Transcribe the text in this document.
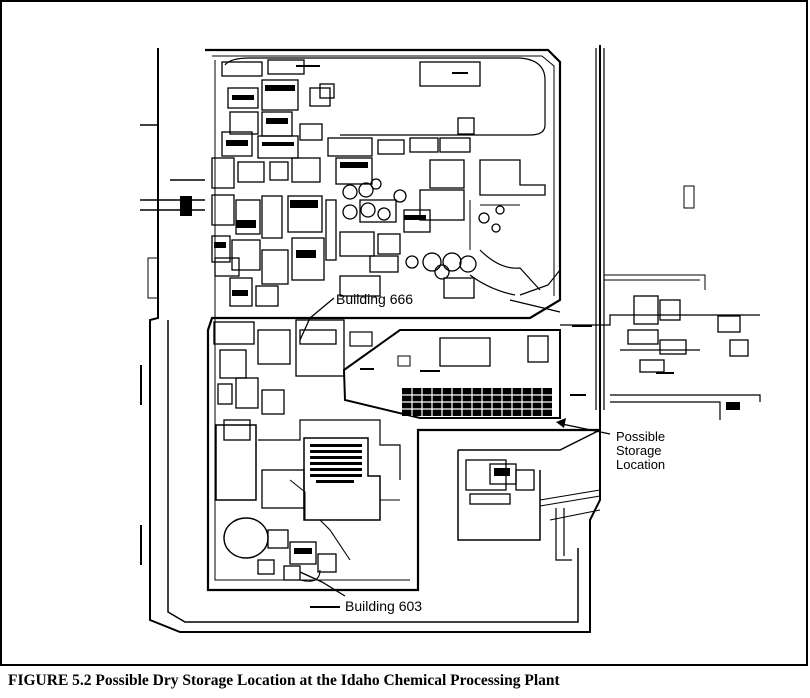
Building 666
Possible
Storage
Location
Building 603
FIGURE 5.2 Possible Dry Storage Location at the Idaho Chemical Processing Plant
